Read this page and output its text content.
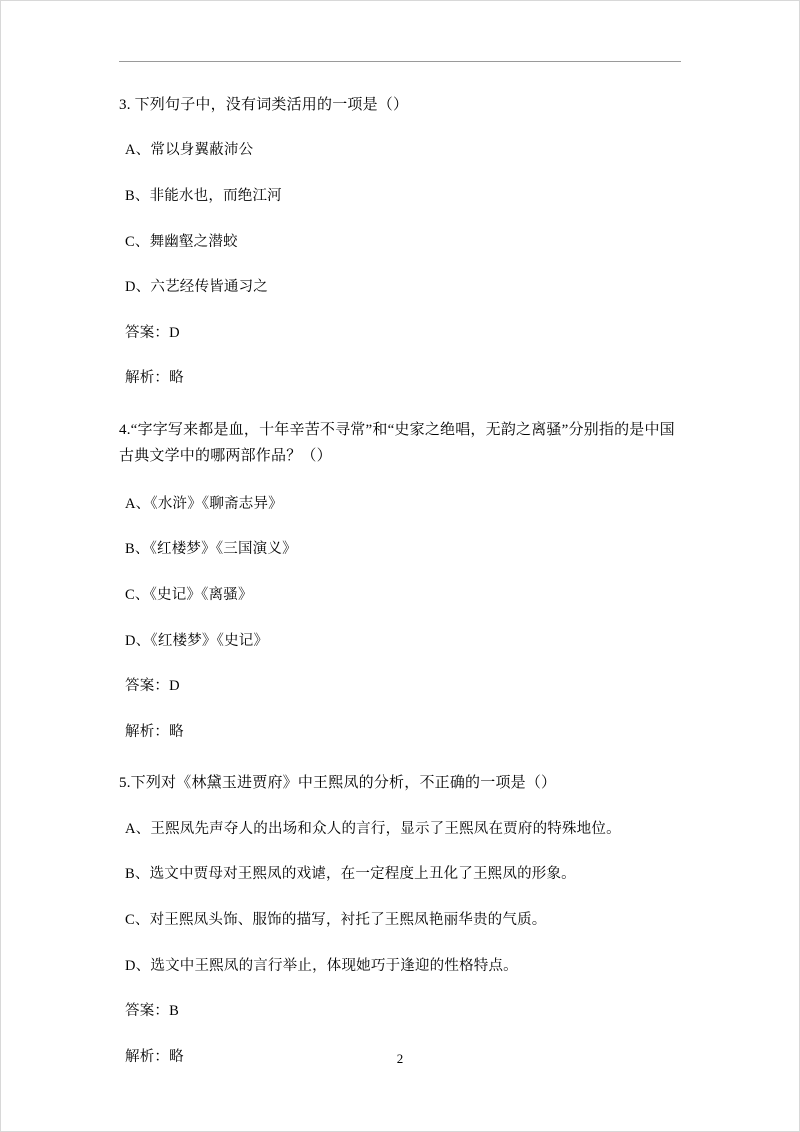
3. 下列句子中，没有词类活用的一项是（）

A、常以身翼蔽沛公

B、非能水也，而绝江河

C、舞幽壑之潜蛟

D、六艺经传皆通习之

答案：D

解析：略

4.“字字写来都是血，十年辛苦不寻常”和“史家之绝唱，无韵之离骚”分别指的是中国古典文学中的哪两部作品？（）

A、《水浒》《聊斋志异》

B、《红楼梦》《三国演义》

C、《史记》《离骚》

D、《红楼梦》《史记》

答案：D

解析：略

5.下列对《林黛玉进贾府》中王熙凤的分析，不正确的一项是（）

A、王熙凤先声夺人的出场和众人的言行，显示了王熙凤在贾府的特殊地位。

B、选文中贾母对王熙凤的戏谑，在一定程度上丑化了王熙凤的形象。

C、对王熙凤头饰、服饰的描写，衬托了王熙凤艳丽华贵的气质。

D、选文中王熙凤的言行举止，体现她巧于逢迎的性格特点。

答案：B

解析：略	2
